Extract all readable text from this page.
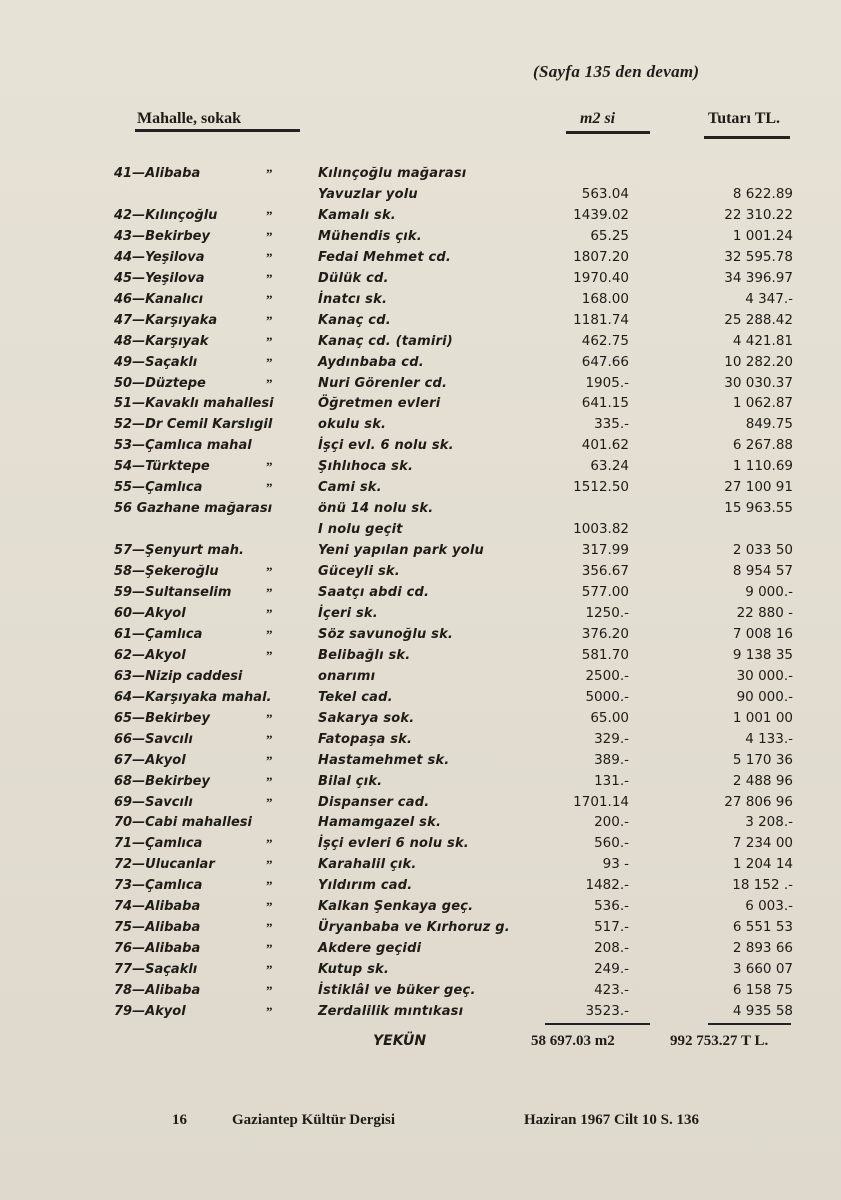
(Sayfa 135 den devam)
Mahalle, sokak	m2 si	Tutarı TL.
41—Alibaba	”	Kılınçoğlu mağarası
Yavuzlar yolu	563.04	8 622.89
42—Kılınçoğlu	”	Kamalı sk.	1439.02	22 310.22
43—Bekirbey	”	Mühendis çık.	65.25	1 001.24
44—Yeşilova	”	Fedai Mehmet cd.	1807.20	32 595.78
45—Yeşilova	”	Dülük cd.	1970.40	34 396.97
46—Kanalıcı	”	İnatcı sk.	168.00	4 347.-
47—Karşıyaka	”	Kanaç cd.	1181.74	25 288.42
48—Karşıyak	”	Kanaç cd. (tamiri)	462.75	4 421.81
49—Saçaklı	”	Aydınbaba cd.	647.66	10 282.20
50—Düztepe	”	Nuri Görenler cd.	1905.-	30 030.37
51—Kavaklı mahallesi	Öğretmen evleri	641.15	1 062.87
52—Dr Cemil Karslıgil	okulu sk.	335.-	849.75
53—Çamlıca mahal	İşçi evl. 6 nolu sk.	401.62	6 267.88
54—Türktepe	”	Şıhlıhoca sk.	63.24	1 110.69
55—Çamlıca	”	Cami sk.	1512.50	27 100 91
56 Gazhane mağarası	önü 14 nolu sk.	15 963.55
I nolu geçit	1003.82
57—Şenyurt mah.	Yeni yapılan park yolu	317.99	2 033 50
58—Şekeroğlu	”	Güceyli sk.	356.67	8 954 57
59—Sultanselim	”	Saatçı abdi cd.	577.00	9 000.-
60—Akyol	”	İçeri sk.	1250.-	22 880 -
61—Çamlıca	”	Söz savunoğlu sk.	376.20	7 008 16
62—Akyol	”	Belibağlı sk.	581.70	9 138 35
63—Nizip caddesi	onarımı	2500.-	30 000.-
64—Karşıyaka mahal.	Tekel cad.	5000.-	90 000.-
65—Bekirbey	”	Sakarya sok.	65.00	1 001 00
66—Savcılı	”	Fatopaşa sk.	329.-	4 133.-
67—Akyol	”	Hastamehmet sk.	389.-	5 170 36
68—Bekirbey	”	Bilal çık.	131.-	2 488 96
69—Savcılı	”	Dispanser cad.	1701.14	27 806 96
70—Cabi mahallesi	Hamamgazel sk.	200.-	3 208.-
71—Çamlıca	”	İşçi evleri 6 nolu sk.	560.-	7 234 00
72—Ulucanlar	”	Karahalil çık.	93 -	1 204 14
73—Çamlıca	”	Yıldırım cad.	1482.-	18 152 .-
74—Alibaba	”	Kalkan Şenkaya geç.	536.-	6 003.-
75—Alibaba	”	Üryanbaba ve Kırhoruz g.	517.-	6 551 53
76—Alibaba	”	Akdere geçidi	208.-	2 893 66
77—Saçaklı	”	Kutup sk.	249.-	3 660 07
78—Alibaba	”	İstiklâl ve büker geç.	423.-	6 158 75
79—Akyol	”	Zerdalilik mıntıkası	3523.-	4 935 58
YEKÜN	58 697.03 m2	992 753.27 T L.
16	Gaziantep Kültür Dergisi	Haziran 1967 Cilt 10 S. 136
